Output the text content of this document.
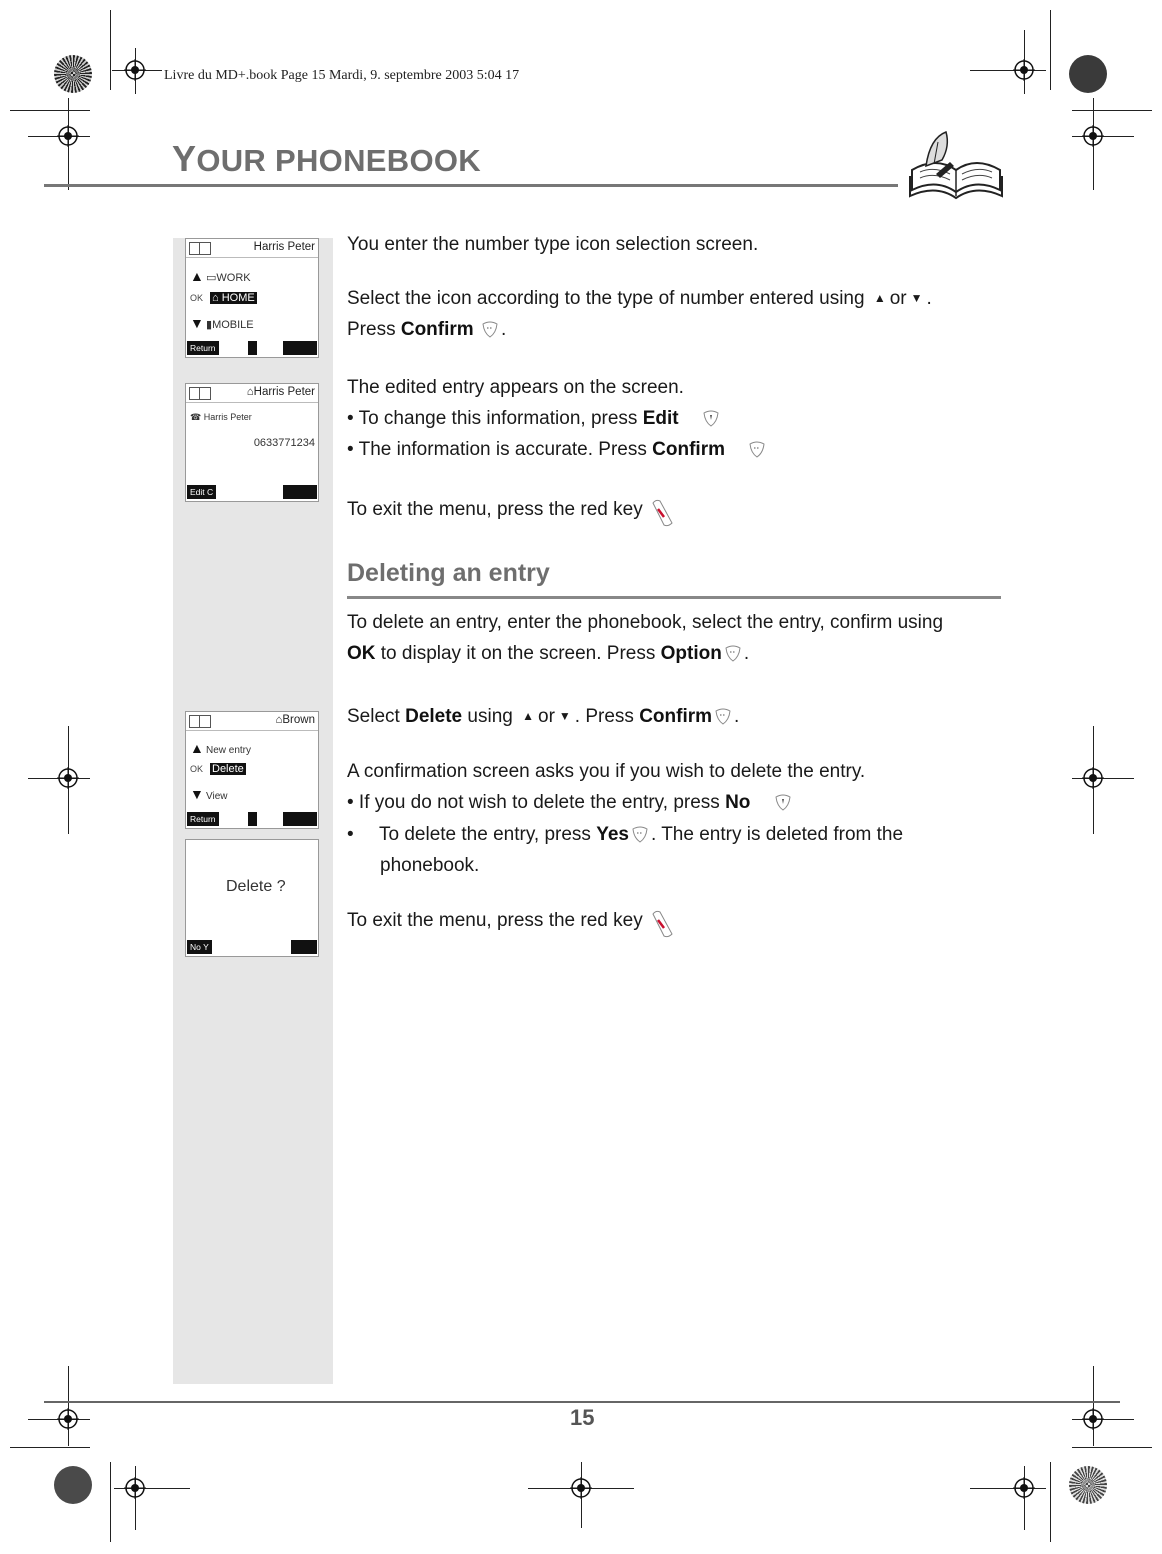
Livre du MD+.book Page 15 Mardi, 9. septembre 2003 5:04 17
YOUR PHONEBOOK
Harris Peter
▲ ▭WORK
OK ⌂ HOME
▼ ▮MOBILE
Return
⌂Harris Peter
☎ Harris Peter
0633771234
Edit C
⌂Brown
▲ New entry
OK Delete
▼ View
Return
Delete ?
No Y
You enter the number type icon selection screen.
Select the icon according to the type of number entered using ▲ or ▼ .
Press Confirm .
The edited entry appears on the screen.
• To change this information, press Edit
• The information is accurate. Press Confirm
To exit the menu, press the red key
Deleting an entry
To delete an entry, enter the phonebook, select the entry, confirm using
OK to display it on the screen. Press Option .
Select Delete using ▲ or ▼ . Press Confirm .
A confirmation screen asks you if you wish to delete the entry.
• If you do not wish to delete the entry, press No
• To delete the entry, press Yes . The entry is deleted from the
phonebook.
To exit the menu, press the red key
15
